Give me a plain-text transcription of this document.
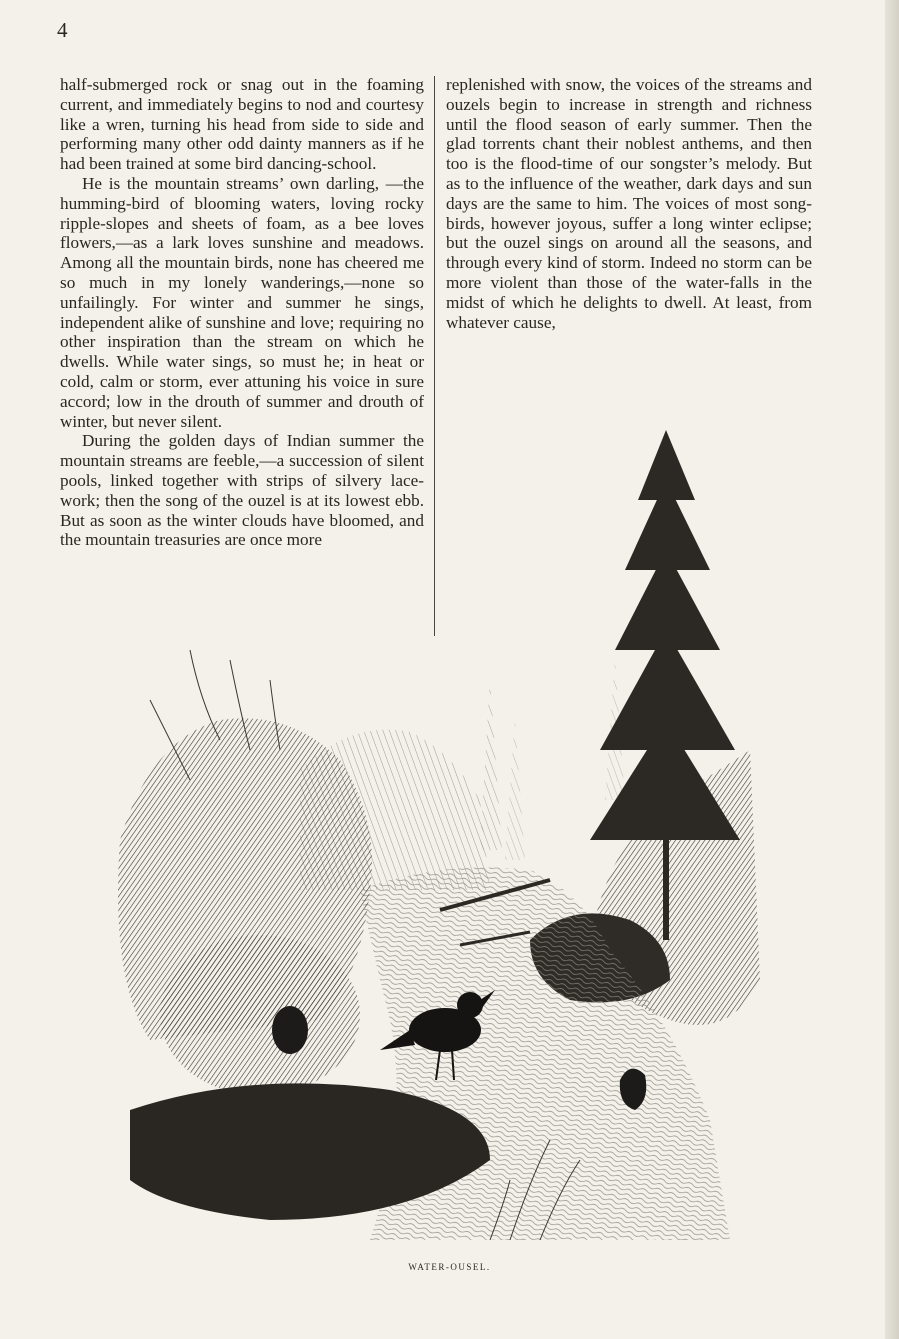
4

half-submerged rock or snag out in the foaming current, and immediately begins to nod and courtesy like a wren, turning his head from side to side and performing many other odd dainty manners as if he had been trained at some bird dancing-school.

He is the mountain streams’ own darling, —the humming-bird of blooming waters, loving rocky ripple-slopes and sheets of foam, as a bee loves flowers,—as a lark loves sunshine and meadows. Among all the mountain birds, none has cheered me so much in my lonely wanderings,—none so unfailingly. For winter and summer he sings, independent alike of sunshine and love; requiring no other inspiration than the stream on which he dwells. While water sings, so must he; in heat or cold, calm or storm, ever attuning his voice in sure accord; low in the drouth of summer and drouth of winter, but never silent.

During the golden days of Indian summer the mountain streams are feeble,—a succession of silent pools, linked together with strips of silvery lace-work; then the song of the ouzel is at its lowest ebb. But as soon as the winter clouds have bloomed, and the mountain treasuries are once more

replenished with snow, the voices of the streams and ouzels begin to increase in strength and richness until the flood season of early summer. Then the glad torrents chant their noblest anthems, and then too is the flood-time of our songster’s melody. But as to the influence of the weather, dark days and sun days are the same to him. The voices of most song-birds, however joyous, suffer a long winter eclipse; but the ouzel sings on around all the seasons, and through every kind of storm. Indeed no storm can be more violent than those of the water-falls in the midst of which he delights to dwell. At least, from whatever cause,

WATER-OUSEL.
